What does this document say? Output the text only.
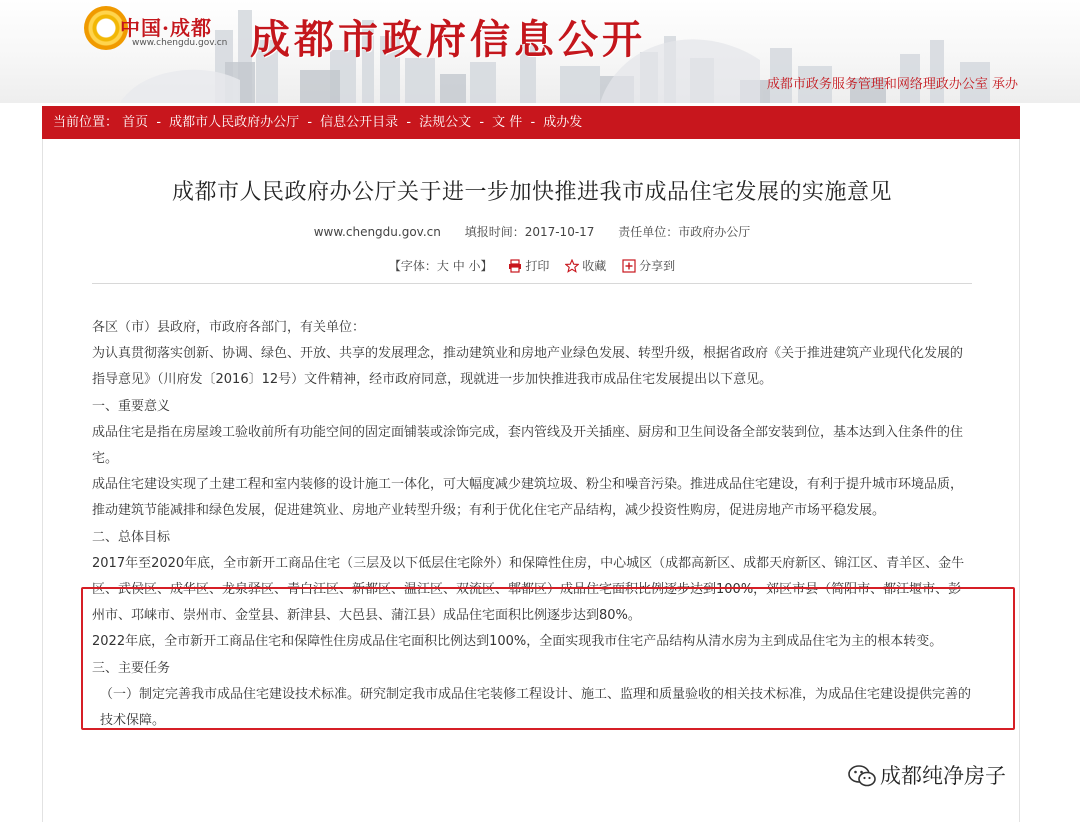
中国·成都
www.chengdu.gov.cn 成都市政府信息公开
成都市政务服务管理和网络理政办公室 承办
当前位置： 首页 - 成都市人民政府办公厅 - 信息公开目录 - 法规公文 - 文 件 - 成办发
成都市人民政府办公厅关于进一步加快推进我市成品住宅发展的实施意见
www.chengdu.gov.cn 填报时间：2017-10-17 责任单位：市政府办公厅
【字体：大 中 小】	打印	收藏	分享到

各区（市）县政府，市政府各部门，有关单位：

为认真贯彻落实创新、协调、绿色、开放、共享的发展理念，推动建筑业和房地产业绿色发展、转型升级，根据省政府《关于推进建筑产业现代化发展的指导意见》（川府发〔2016〕12号）文件精神，经市政府同意，现就进一步加快推进我市成品住宅发展提出以下意见。

一、重要意义

成品住宅是指在房屋竣工验收前所有功能空间的固定面铺装或涂饰完成，套内管线及开关插座、厨房和卫生间设备全部安装到位，基本达到入住条件的住宅。

成品住宅建设实现了土建工程和室内装修的设计施工一体化，可大幅度减少建筑垃圾、粉尘和噪音污染。推进成品住宅建设，有利于提升城市环境品质，推动建筑节能减排和绿色发展，促进建筑业、房地产业转型升级；有利于优化住宅产品结构，减少投资性购房，促进房地产市场平稳发展。

二、总体目标

2017年至2020年底，全市新开工商品住宅（三层及以下低层住宅除外）和保障性住房，中心城区（成都高新区、成都天府新区、锦江区、青羊区、金牛区、武侯区、成华区、龙泉驿区、青白江区、新都区、温江区、双流区、郫都区）成品住宅面积比例逐步达到100%，郊区市县（简阳市、都江堰市、彭州市、邛崃市、崇州市、金堂县、新津县、大邑县、蒲江县）成品住宅面积比例逐步达到80%。

2022年底，全市新开工商品住宅和保障性住房成品住宅面积比例达到100%，全面实现我市住宅产品结构从清水房为主到成品住宅为主的根本转变。

三、主要任务

（一）制定完善我市成品住宅建设技术标准。研究制定我市成品住宅装修工程设计、施工、监理和质量验收的相关技术标准，为成品住宅建设提供完善的技术保障。

成都纯净房子
